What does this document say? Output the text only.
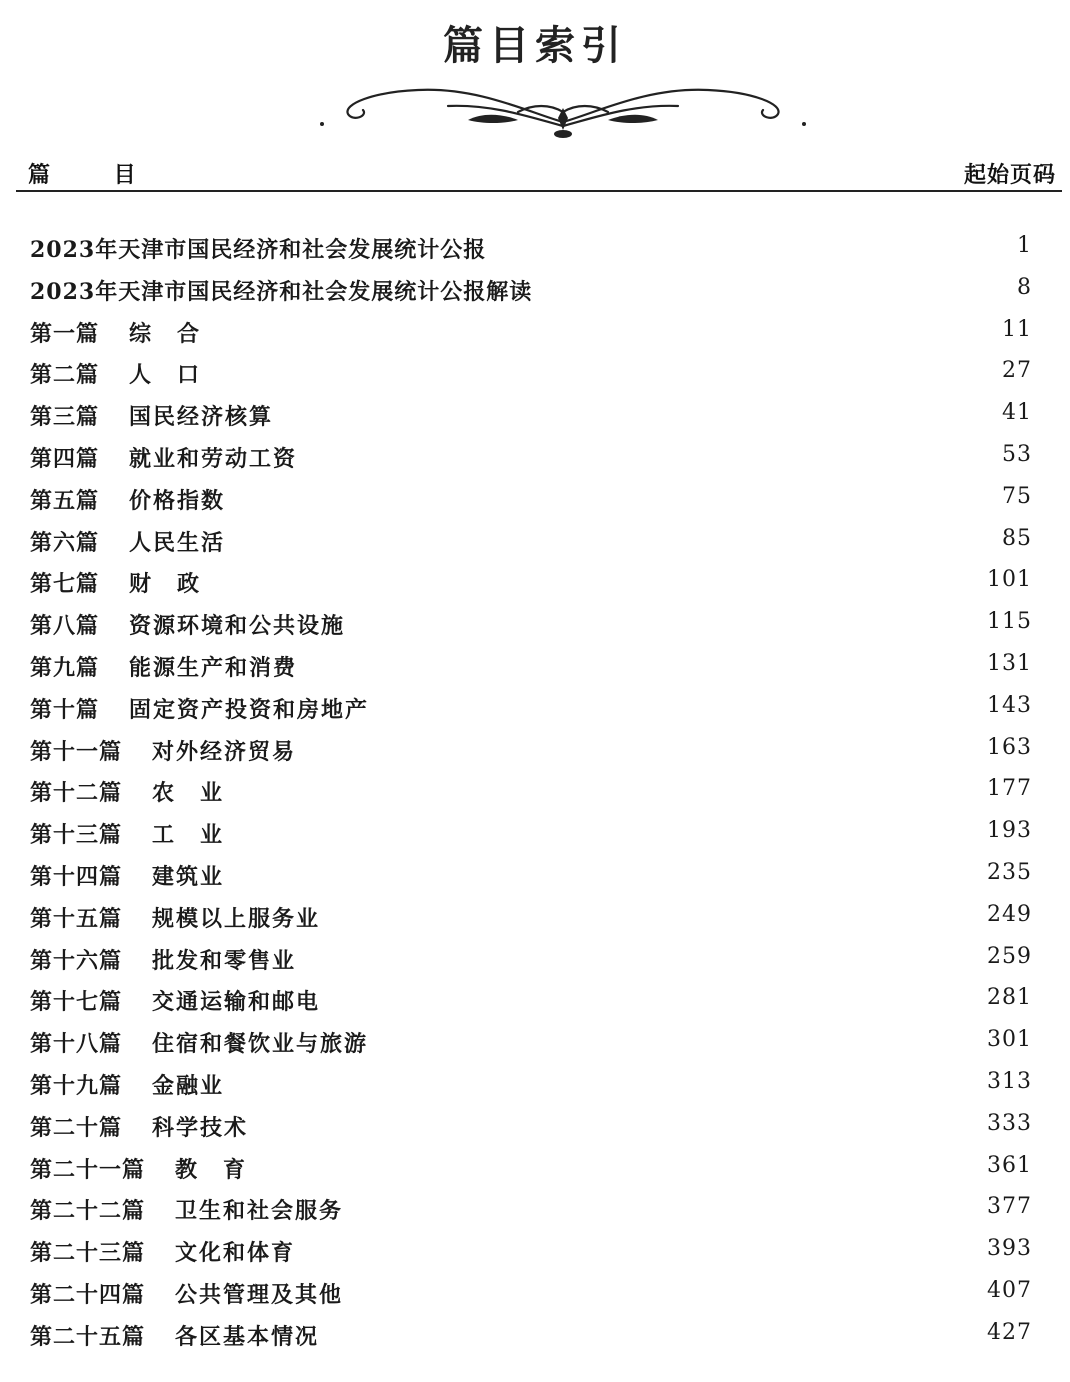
篇目索引
篇 目	起始页码
2023年天津市国民经济和社会发展统计公报	1
2023年天津市国民经济和社会发展统计公报解读	8
第一篇 综　合	11
第二篇 人　口	27
第三篇 国民经济核算	41
第四篇 就业和劳动工资	53
第五篇 价格指数	75
第六篇 人民生活	85
第七篇 财　政	101
第八篇 资源环境和公共设施	115
第九篇 能源生产和消费	131
第十篇 固定资产投资和房地产	143
第十一篇 对外经济贸易	163
第十二篇 农　业	177
第十三篇 工　业	193
第十四篇 建筑业	235
第十五篇 规模以上服务业	249
第十六篇 批发和零售业	259
第十七篇 交通运输和邮电	281
第十八篇 住宿和餐饮业与旅游	301
第十九篇 金融业	313
第二十篇 科学技术	333
第二十一篇 教　育	361
第二十二篇 卫生和社会服务	377
第二十三篇 文化和体育	393
第二十四篇 公共管理及其他	407
第二十五篇 各区基本情况	427
